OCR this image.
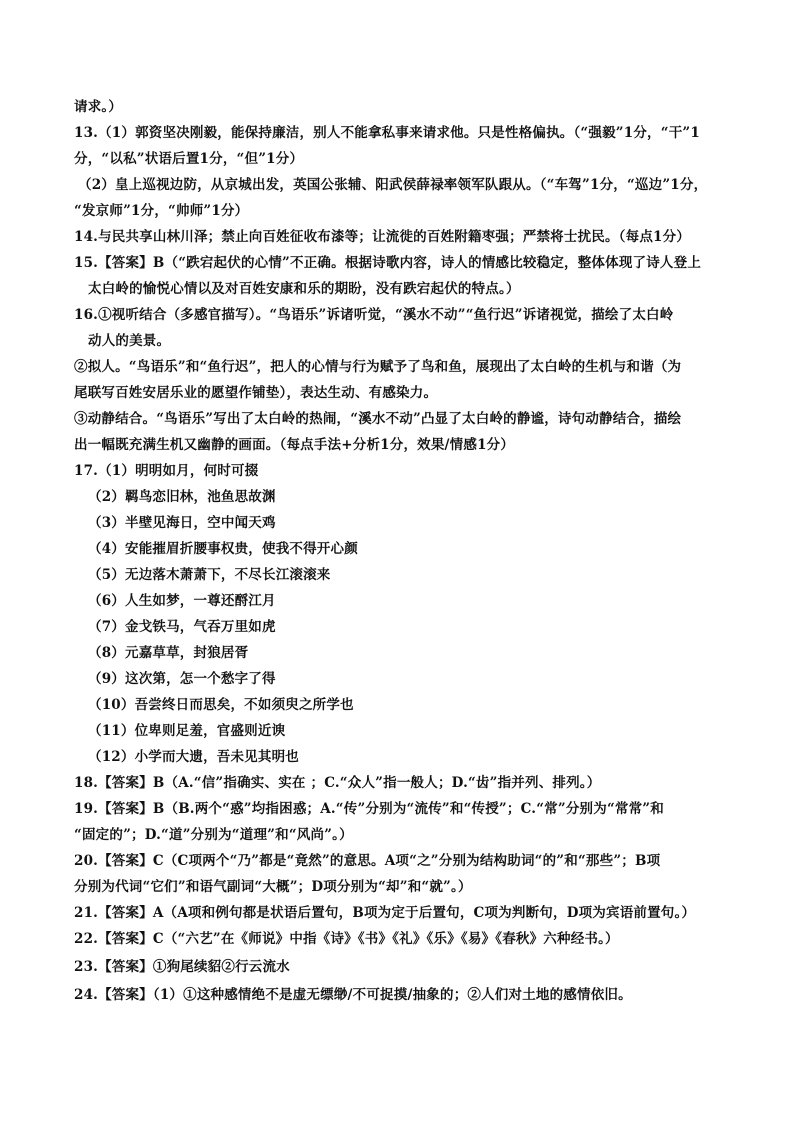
请求。）
13.（1）郭资坚决刚毅，能保持廉洁，别人不能拿私事来请求他。只是性格偏执。（“强毅”1分，“干”1
分，“以私”状语后置1分，“但”1分）
（2）皇上巡视边防，从京城出发，英国公张辅、阳武侯薛禄率领军队跟从。（“车驾”1分，“巡边”1分，
“发京师”1分，“帅师”1分）
14.与民共享山林川泽；禁止向百姓征收布漆等；让流徙的百姓附籍枣强；严禁将士扰民。（每点1分）
15.【答案】B（“跌宕起伏的心情”不正确。根据诗歌内容，诗人的情感比较稳定，整体体现了诗人登上
太白岭的愉悦心情以及对百姓安康和乐的期盼，没有跌宕起伏的特点。）
16.①视听结合（多感官描写）。“鸟语乐”诉诸听觉，“溪水不动”“鱼行迟”诉诸视觉，描绘了太白岭
动人的美景。
②拟人。“鸟语乐”和“鱼行迟”，把人的心情与行为赋予了鸟和鱼，展现出了太白岭的生机与和谐（为
尾联写百姓安居乐业的愿望作铺垫），表达生动、有感染力。
③动静结合。“鸟语乐”写出了太白岭的热闹，“溪水不动”凸显了太白岭的静谧，诗句动静结合，描绘
出一幅既充满生机又幽静的画面。（每点手法+分析1分，效果/情感1分）
17.（1）明明如月，何时可掇
（2）羁鸟恋旧林，池鱼思故渊
（3）半壁见海日，空中闻天鸡
（4）安能摧眉折腰事权贵，使我不得开心颜
（5）无边落木萧萧下，不尽长江滚滚来
（6）人生如梦，一尊还酹江月
（7）金戈铁马，气吞万里如虎
（8）元嘉草草，封狼居胥
（9）这次第，怎一个愁字了得
（10）吾尝终日而思矣，不如须臾之所学也
（11）位卑则足羞，官盛则近谀
（12）小学而大遗，吾未见其明也
18.【答案】B（A.“信”指确实、实在 ；C.“众人”指一般人；D.“齿”指并列、排列。）
19.【答案】B（B.两个“惑”均指困惑；A.“传”分别为“流传”和“传授”；C.“常”分别为“常常”和
“固定的”；D.“道”分别为“道理”和“风尚”。）
20.【答案】C（C项两个“乃”都是“竟然”的意思。A项“之”分别为结构助词“的”和“那些”；B项
分别为代词“它们”和语气副词“大概”；D项分别为“却”和“就”。）
21.【答案】A（A项和例句都是状语后置句，B项为定于后置句，C项为判断句，D项为宾语前置句。）
22.【答案】C（“六艺”在《师说》中指《诗》《书》《礼》《乐》《易》《春秋》六种经书。）
23.【答案】①狗尾续貂②行云流水
24.【答案】（1）①这种感情绝不是虚无缥缈/不可捉摸/抽象的；②人们对土地的感情依旧。
